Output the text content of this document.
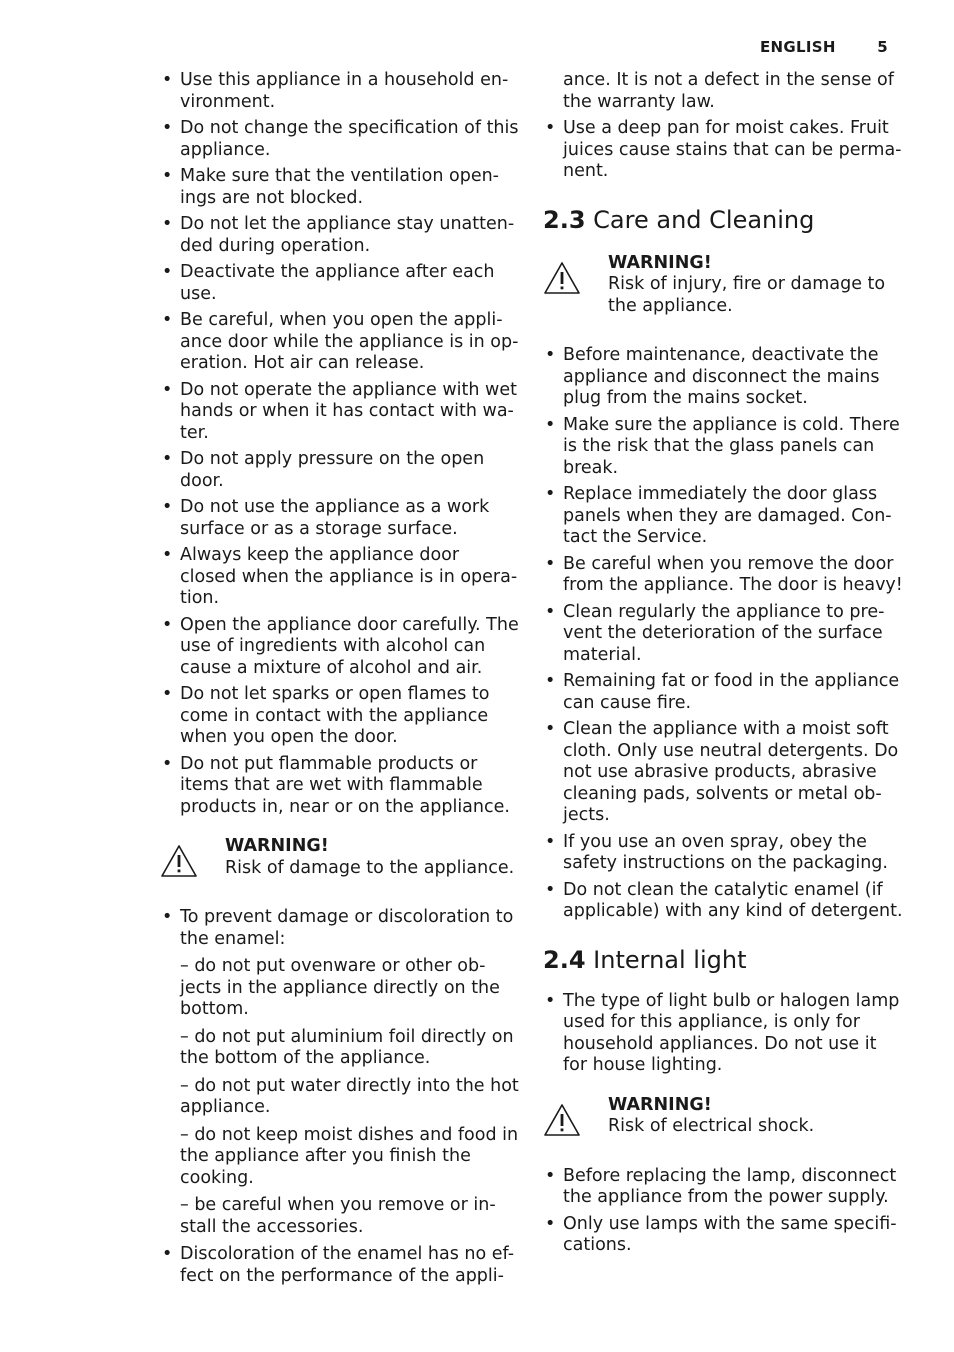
ENGLISH	5
• Use this appliance in a household en-vironment.
• Do not change the specification of this appliance.
• Make sure that the ventilation open-ings are not blocked.
• Do not let the appliance stay unatten-ded during operation.
• Deactivate the appliance after each use.
• Be careful, when you open the appli-ance door while the appliance is in op-eration. Hot air can release.
• Do not operate the appliance with wet hands or when it has contact with wa-ter.
• Do not apply pressure on the open door.
• Do not use the appliance as a work surface or as a storage surface.
• Always keep the appliance door closed when the appliance is in opera-tion.
• Open the appliance door carefully. The use of ingredients with alcohol can cause a mixture of alcohol and air.
• Do not let sparks or open flames to come in contact with the appliance when you open the door.
• Do not put flammable products or items that are wet with flammable products in, near or on the appliance.
WARNING!
Risk of damage to the appliance.
• To prevent damage or discoloration to the enamel:
– do not put ovenware or other ob-jects in the appliance directly on the bottom.
– do not put aluminium foil directly on the bottom of the appliance.
– do not put water directly into the hot appliance.
– do not keep moist dishes and food in the appliance after you finish the cooking.
– be careful when you remove or in-stall the accessories.
• Discoloration of the enamel has no ef-fect on the performance of the appli-
ance. It is not a defect in the sense of the warranty law.
• Use a deep pan for moist cakes. Fruit juices cause stains that can be perma-nent.
2.3 Care and Cleaning
WARNING!
Risk of injury, fire or damage to the appliance.
• Before maintenance, deactivate the appliance and disconnect the mains plug from the mains socket.
• Make sure the appliance is cold. There is the risk that the glass panels can break.
• Replace immediately the door glass panels when they are damaged. Con-tact the Service.
• Be careful when you remove the door from the appliance. The door is heavy!
• Clean regularly the appliance to pre-vent the deterioration of the surface material.
• Remaining fat or food in the appliance can cause fire.
• Clean the appliance with a moist soft cloth. Only use neutral detergents. Do not use abrasive products, abrasive cleaning pads, solvents or metal ob-jects.
• If you use an oven spray, obey the safety instructions on the packaging.
• Do not clean the catalytic enamel (if applicable) with any kind of detergent.
2.4 Internal light
• The type of light bulb or halogen lamp used for this appliance, is only for household appliances. Do not use it for house lighting.
WARNING!
Risk of electrical shock.
• Before replacing the lamp, disconnect the appliance from the power supply.
• Only use lamps with the same specifi-cations.
